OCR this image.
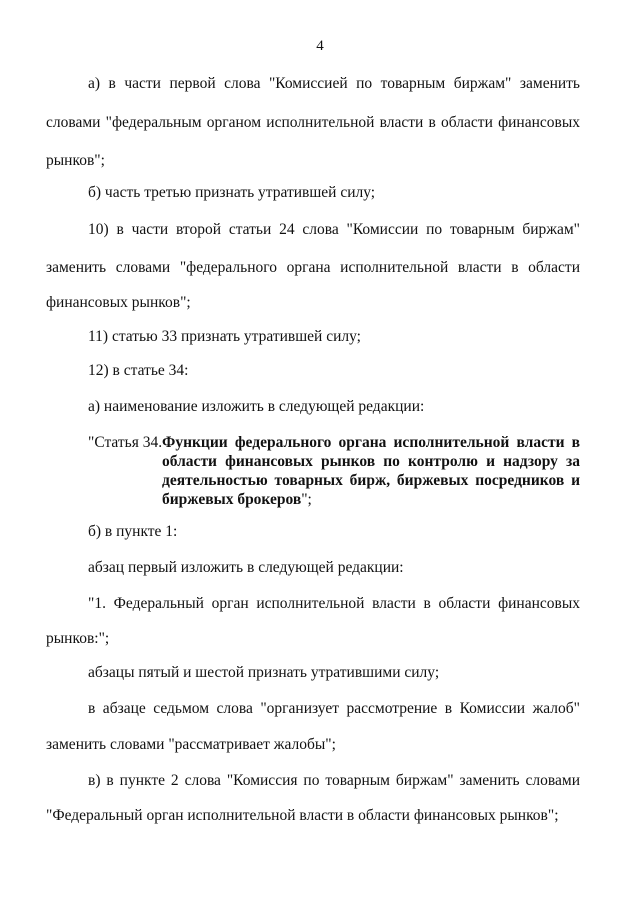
4

а) в части первой слова "Комиссией по товарным биржам" заменить

словами "федеральным органом исполнительной власти в области финансовых

рынков";

б) часть третью признать утратившей силу;

10) в части второй статьи 24 слова "Комиссии по товарным биржам"

заменить словами "федерального органа исполнительной власти в области

финансовых рынков";

11) статью 33 признать утратившей силу;

12) в статье 34:

а) наименование изложить в следующей редакции:

"Статья 34. Функции федерального органа исполнительной власти в

области финансовых рынков по контролю и надзору за

деятельностью товарных бирж, биржевых посредников и

биржевых брокеров";

б) в пункте 1:

абзац первый изложить в следующей редакции:

"1. Федеральный орган исполнительной власти в области финансовых

рынков:";

абзацы пятый и шестой признать утратившими силу;

в абзаце седьмом слова "организует рассмотрение в Комиссии жалоб"

заменить словами "рассматривает жалобы";

в) в пункте 2 слова "Комиссия по товарным биржам" заменить словами

"Федеральный орган исполнительной власти в области финансовых рынков";
